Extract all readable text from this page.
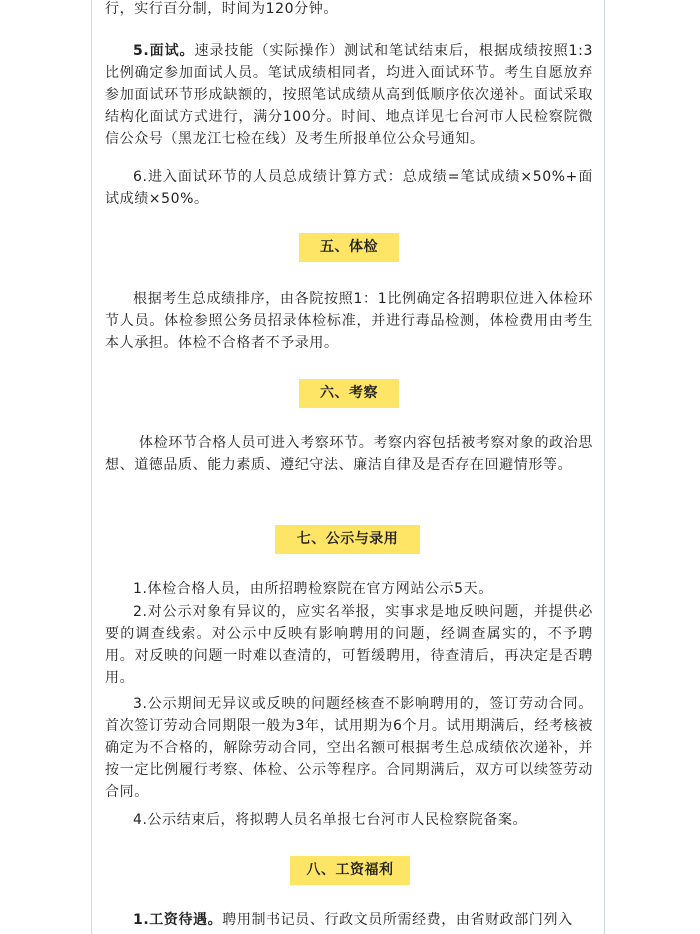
行，实行百分制，时间为120分钟。

5.面试。速录技能（实际操作）测试和笔试结束后，根据成绩按照1:3比例确定参加面试人员。笔试成绩相同者，均进入面试环节。考生自愿放弃参加面试环节形成缺额的，按照笔试成绩从高到低顺序依次递补。面试采取结构化面试方式进行，满分100分。时间、地点详见七台河市人民检察院微信公众号（黑龙江七检在线）及考生所报单位公众号通知。

6.进入面试环节的人员总成绩计算方式：总成绩=笔试成绩×50%+面试成绩×50%。

五、体检

根据考生总成绩排序，由各院按照1：1比例确定各招聘职位进入体检环节人员。体检参照公务员招录体检标准，并进行毒品检测，体检费用由考生本人承担。体检不合格者不予录用。

六、考察

体检环节合格人员可进入考察环节。考察内容包括被考察对象的政治思想、道德品质、能力素质、遵纪守法、廉洁自律及是否存在回避情形等。

七、公示与录用

1.体检合格人员，由所招聘检察院在官方网站公示5天。

2.对公示对象有异议的，应实名举报，实事求是地反映问题，并提供必要的调查线索。对公示中反映有影响聘用的问题，经调查属实的，不予聘用。对反映的问题一时难以查清的，可暂缓聘用，待查清后，再决定是否聘用。

3.公示期间无异议或反映的问题经核查不影响聘用的，签订劳动合同。首次签订劳动合同期限一般为3年，试用期为6个月。试用期满后，经考核被确定为不合格的，解除劳动合同，空出名额可根据考生总成绩依次递补，并按一定比例履行考察、体检、公示等程序。合同期满后，双方可以续签劳动合同。

4.公示结束后，将拟聘人员名单报七台河市人民检察院备案。

八、工资福利

1.工资待遇。聘用制书记员、行政文员所需经费，由省财政部门列入
